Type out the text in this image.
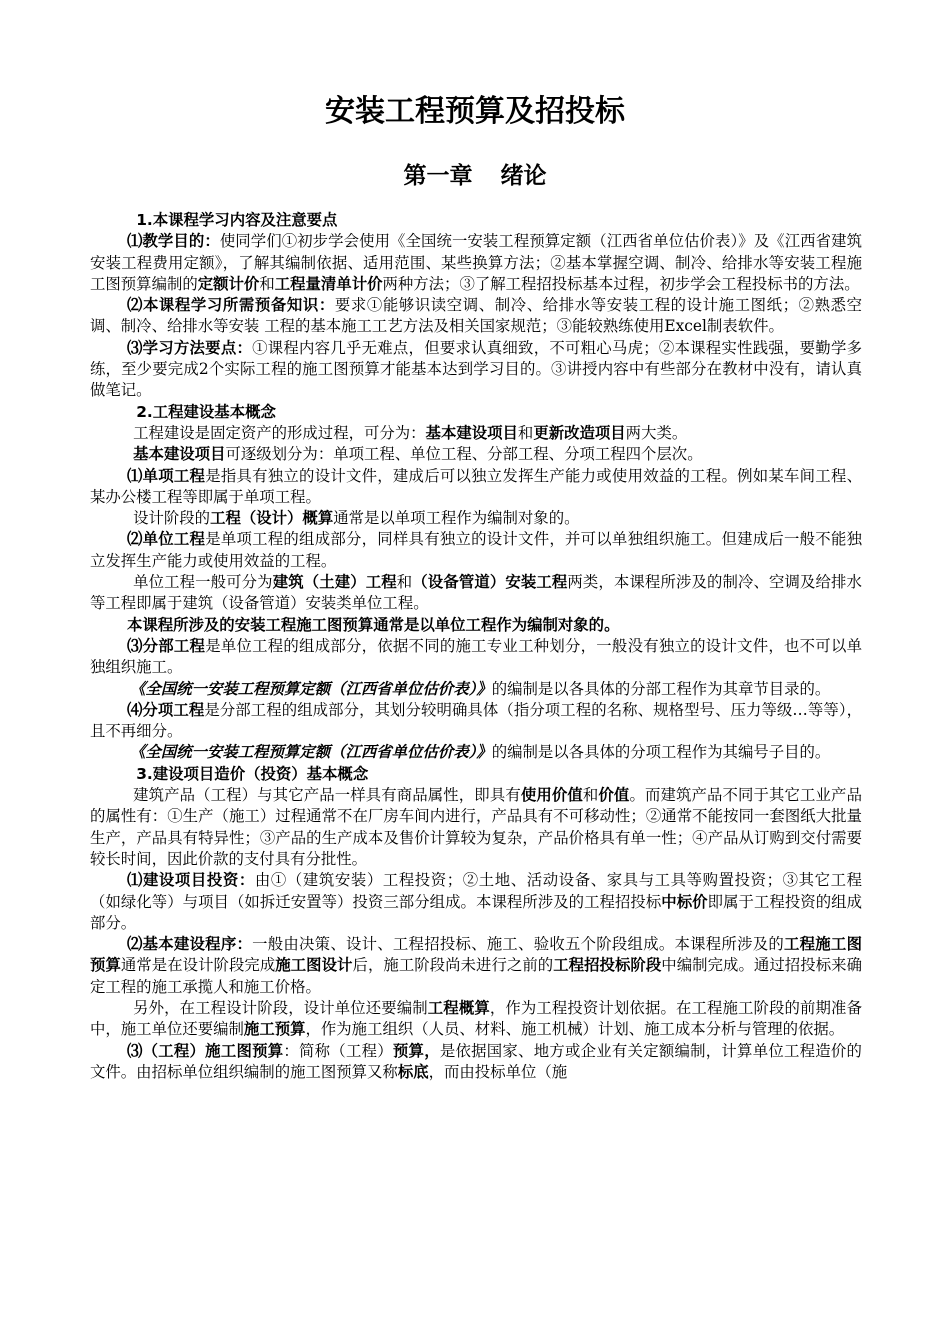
安装工程预算及招投标
第一章 绪论

1.本课程学习内容及注意要点

⑴教学目的：使同学们①初步学会使用《全国统一安装工程预算定额（江西省单位估价表）》及《江西省建筑安装工程费用定额》，了解其编制依据、适用范围、某些换算方法；②基本掌握空调、制冷、给排水等安装工程施工图预算编制的定额计价和工程量清单计价两种方法；③了解工程招投标基本过程，初步学会工程投标书的方法。

⑵本课程学习所需预备知识：要求①能够识读空调、制冷、给排水等安装工程的设计施工图纸；②熟悉空调、制冷、给排水等安装 工程的基本施工工艺方法及相关国家规范；③能较熟练使用Excel制表软件。

⑶学习方法要点：①课程内容几乎无难点，但要求认真细致，不可粗心马虎；②本课程实性践强，要勤学多练，至少要完成2个实际工程的施工图预算才能基本达到学习目的。③讲授内容中有些部分在教材中没有，请认真做笔记。

2.工程建设基本概念

工程建设是固定资产的形成过程，可分为：基本建设项目和更新改造项目两大类。

基本建设项目可逐级划分为：单项工程、单位工程、分部工程、分项工程四个层次。

⑴单项工程是指具有独立的设计文件，建成后可以独立发挥生产能力或使用效益的工程。例如某车间工程、某办公楼工程等即属于单项工程。

设计阶段的工程（设计）概算通常是以单项工程作为编制对象的。

⑵单位工程是单项工程的组成部分，同样具有独立的设计文件，并可以单独组织施工。但建成后一般不能独立发挥生产能力或使用效益的工程。

单位工程一般可分为建筑（土建）工程和（设备管道）安装工程两类，本课程所涉及的制冷、空调及给排水等工程即属于建筑（设备管道）安装类单位工程。

本课程所涉及的安装工程施工图预算通常是以单位工程作为编制对象的。

⑶分部工程是单位工程的组成部分，依据不同的施工专业工种划分，一般没有独立的设计文件，也不可以单独组织施工。

《全国统一安装工程预算定额（江西省单位估价表）》的编制是以各具体的分部工程作为其章节目录的。

⑷分项工程是分部工程的组成部分，其划分较明确具体（指分项工程的名称、规格型号、压力等级…等等），且不再细分。

《全国统一安装工程预算定额（江西省单位估价表）》的编制是以各具体的分项工程作为其编号子目的。

3.建设项目造价（投资）基本概念

建筑产品（工程）与其它产品一样具有商品属性，即具有使用价值和价值。而建筑产品不同于其它工业产品的属性有：①生产（施工）过程通常不在厂房车间内进行，产品具有不可移动性；②通常不能按同一套图纸大批量生产，产品具有特异性；③产品的生产成本及售价计算较为复杂，产品价格具有单一性；④产品从订购到交付需要较长时间，因此价款的支付具有分批性。

⑴建设项目投资：由①（建筑安装）工程投资；②土地、活动设备、家具与工具等购置投资；③其它工程（如绿化等）与项目（如拆迁安置等）投资三部分组成。本课程所涉及的工程招投标中标价即属于工程投资的组成部分。

⑵基本建设程序：一般由决策、设计、工程招投标、施工、验收五个阶段组成。本课程所涉及的工程施工图预算通常是在设计阶段完成施工图设计后，施工阶段尚未进行之前的工程招投标阶段中编制完成。通过招投标来确定工程的施工承揽人和施工价格。

另外，在工程设计阶段，设计单位还要编制工程概算，作为工程投资计划依据。在工程施工阶段的前期准备中，施工单位还要编制施工预算，作为施工组织（人员、材料、施工机械）计划、施工成本分析与管理的依据。

⑶（工程）施工图预算：简称（工程）预算，是依据国家、地方或企业有关定额编制，计算单位工程造价的文件。由招标单位组织编制的施工图预算又称标底，而由投标单位（施
